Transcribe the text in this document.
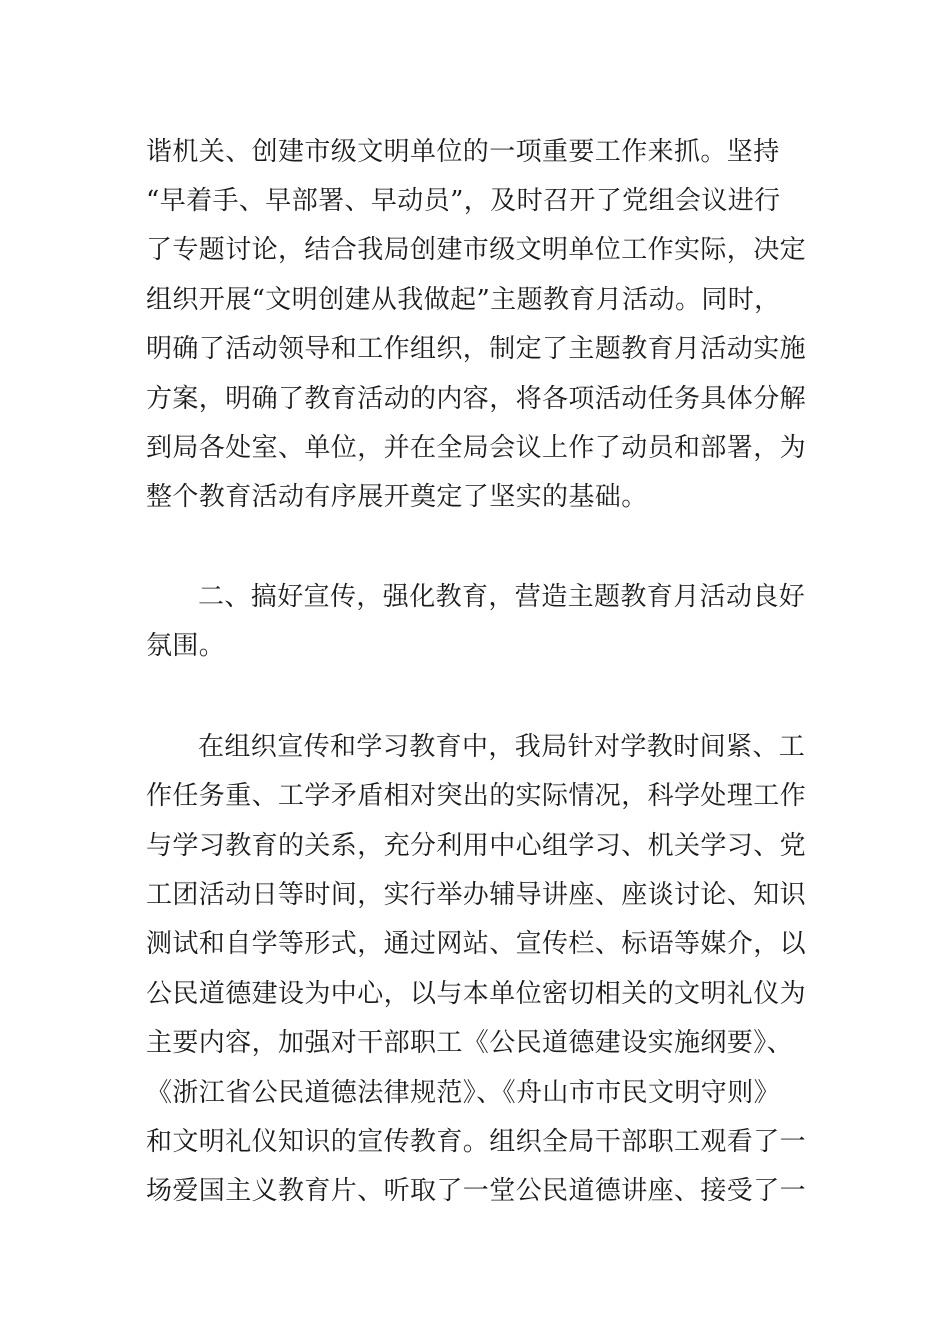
谐机关、创建市级文明单位的一项重要工作来抓。坚持
“早着手、早部署、早动员”，及时召开了党组会议进行
了专题讨论，结合我局创建市级文明单位工作实际，决定
组织开展“文明创建从我做起”主题教育月活动。同时，
明确了活动领导和工作组织，制定了主题教育月活动实施
方案，明确了教育活动的内容，将各项活动任务具体分解
到局各处室、单位，并在全局会议上作了动员和部署，为
整个教育活动有序展开奠定了坚实的基础。
二、搞好宣传，强化教育，营造主题教育月活动良好
氛围。
在组织宣传和学习教育中，我局针对学教时间紧、工
作任务重、工学矛盾相对突出的实际情况，科学处理工作
与学习教育的关系，充分利用中心组学习、机关学习、党
工团活动日等时间，实行举办辅导讲座、座谈讨论、知识
测试和自学等形式，通过网站、宣传栏、标语等媒介，以
公民道德建设为中心，以与本单位密切相关的文明礼仪为
主要内容，加强对干部职工《公民道德建设实施纲要》、
《浙江省公民道德法律规范》、《舟山市市民文明守则》
和文明礼仪知识的宣传教育。组织全局干部职工观看了一
场爱国主义教育片、听取了一堂公民道德讲座、接受了一
